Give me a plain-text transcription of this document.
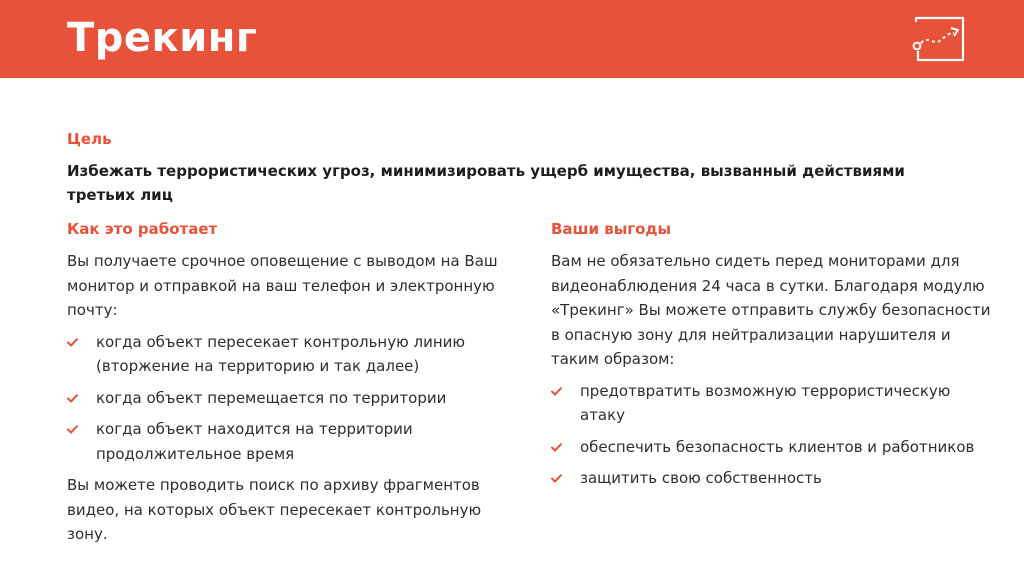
Трекинг
Цель

Избежать террористических угроз, минимизировать ущерб имущества, вызванный действиями третьих лиц

Как это работает	Ваши выгоды

Вы получаете срочное оповещение с выводом на Ваш монитор и отправкой на ваш телефон и электронную почту:

когда объект пересекает контрольную линию (вторжение на территорию и так далее)
когда объект перемещается по территории
когда объект находится на территории продолжительное время

Вы можете проводить поиск по архиву фрагментов видео, на которых объект пересекает контрольную зону.

Вам не обязательно сидеть перед мониторами для видеонаблюдения 24 часа в сутки. Благодаря модулю «Трекинг» Вы можете отправить службу безопасности в опасную зону для нейтрализации нарушителя и таким образом:

предотвратить возможную террористическую атаку
обеспечить безопасность клиентов и работников
защитить свою собственность
